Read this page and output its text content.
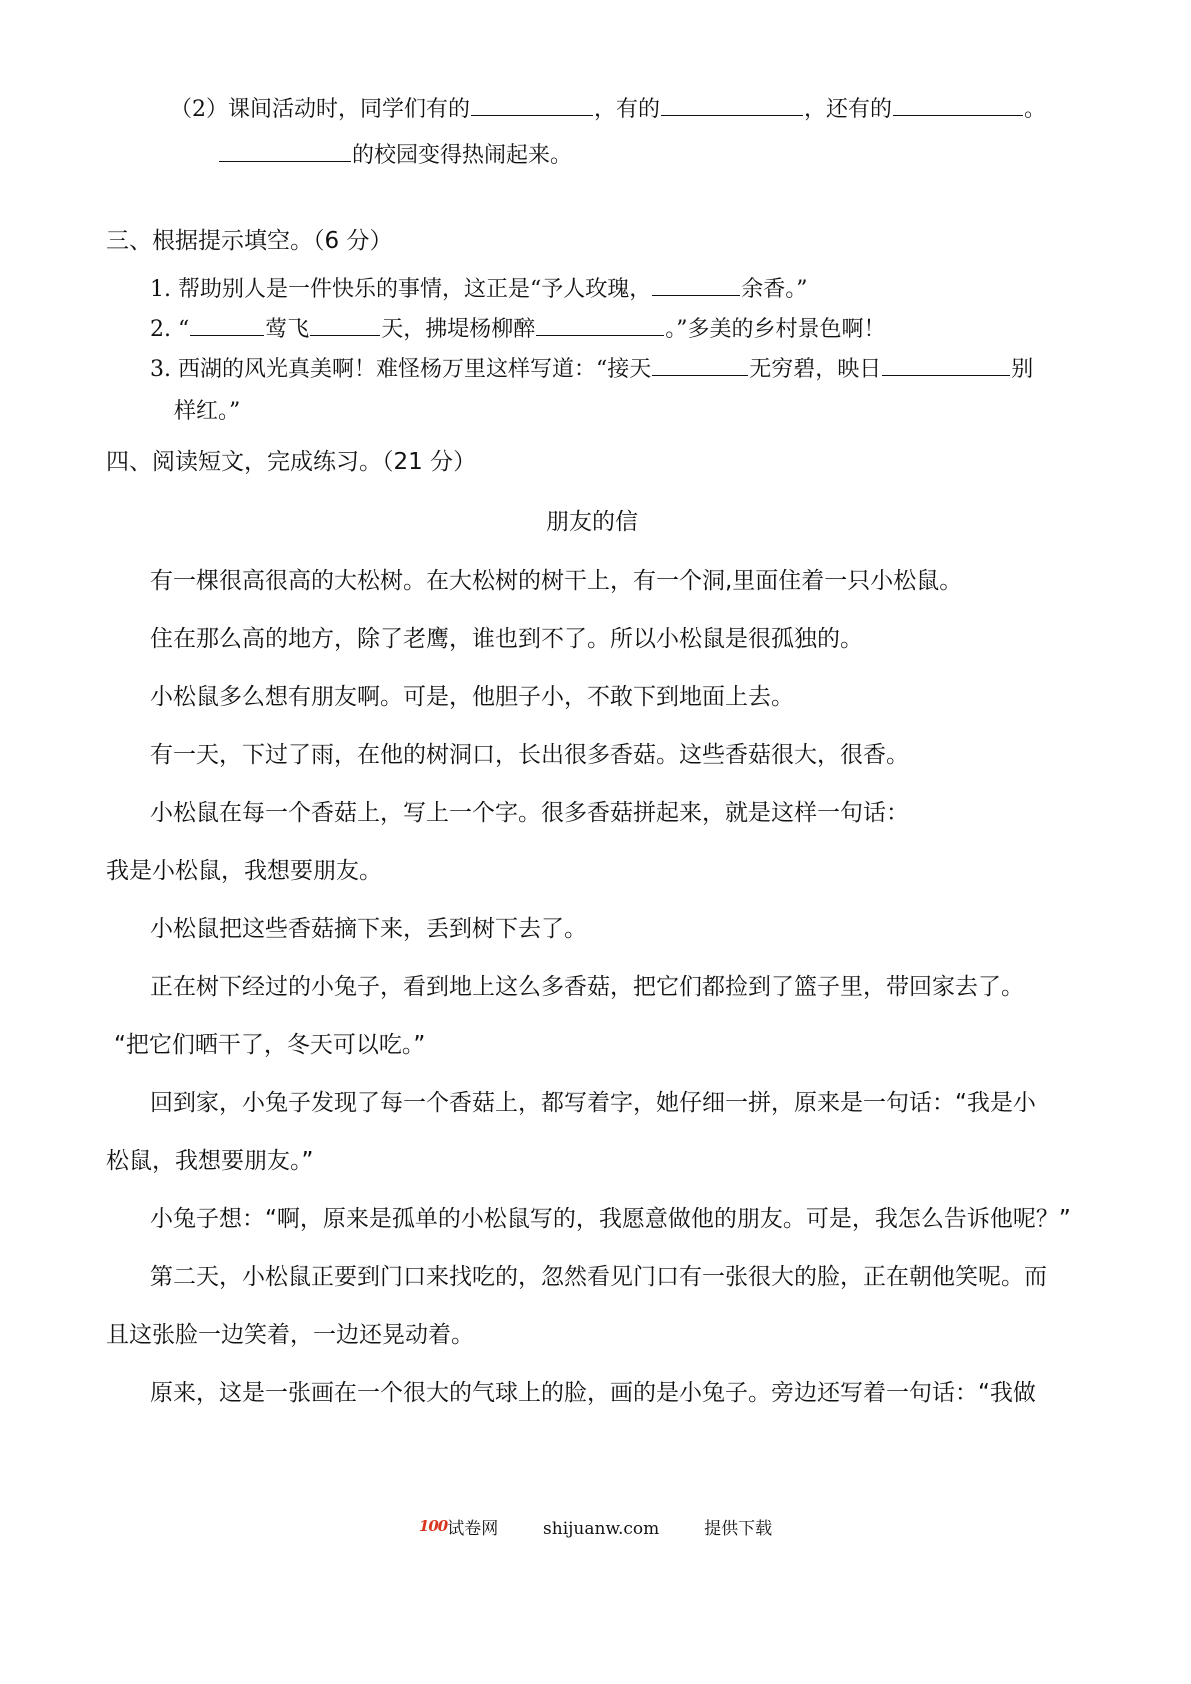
（2）课间活动时，同学们有的	，有的	，还有的	。
的校园变得热闹起来。
三、根据提示填空。（6 分）
1. 帮助别人是一件快乐的事情，这正是“予人玫瑰，	余香。”
2. “	莺飞	天，拂堤杨柳醉	。”多美的乡村景色啊！
3. 西湖的风光真美啊！难怪杨万里这样写道：“接天	无穷碧，映日	别
样红。”
四、阅读短文，完成练习。（21 分）
朋友的信
有一棵很高很高的大松树。在大松树的树干上，有一个洞,里面住着一只小松鼠。
住在那么高的地方，除了老鹰，谁也到不了。所以小松鼠是很孤独的。
小松鼠多么想有朋友啊。可是，他胆子小，不敢下到地面上去。
有一天，下过了雨，在他的树洞口，长出很多香菇。这些香菇很大，很香。
小松鼠在每一个香菇上，写上一个字。很多香菇拼起来，就是这样一句话：
我是小松鼠，我想要朋友。
小松鼠把这些香菇摘下来，丢到树下去了。
正在树下经过的小兔子，看到地上这么多香菇，把它们都捡到了篮子里，带回家去了。
“把它们晒干了，冬天可以吃。”
回到家，小兔子发现了每一个香菇上，都写着字，她仔细一拼，原来是一句话：“我是小
松鼠，我想要朋友。”
小兔子想：“啊，原来是孤单的小松鼠写的，我愿意做他的朋友。可是，我怎么告诉他呢？”
第二天，小松鼠正要到门口来找吃的，忽然看见门口有一张很大的脸，正在朝他笑呢。而
且这张脸一边笑着，一边还晃动着。
原来，这是一张画在一个很大的气球上的脸，画的是小兔子。旁边还写着一句话：“我做
100试卷网	shijuanw.com	提供下载
